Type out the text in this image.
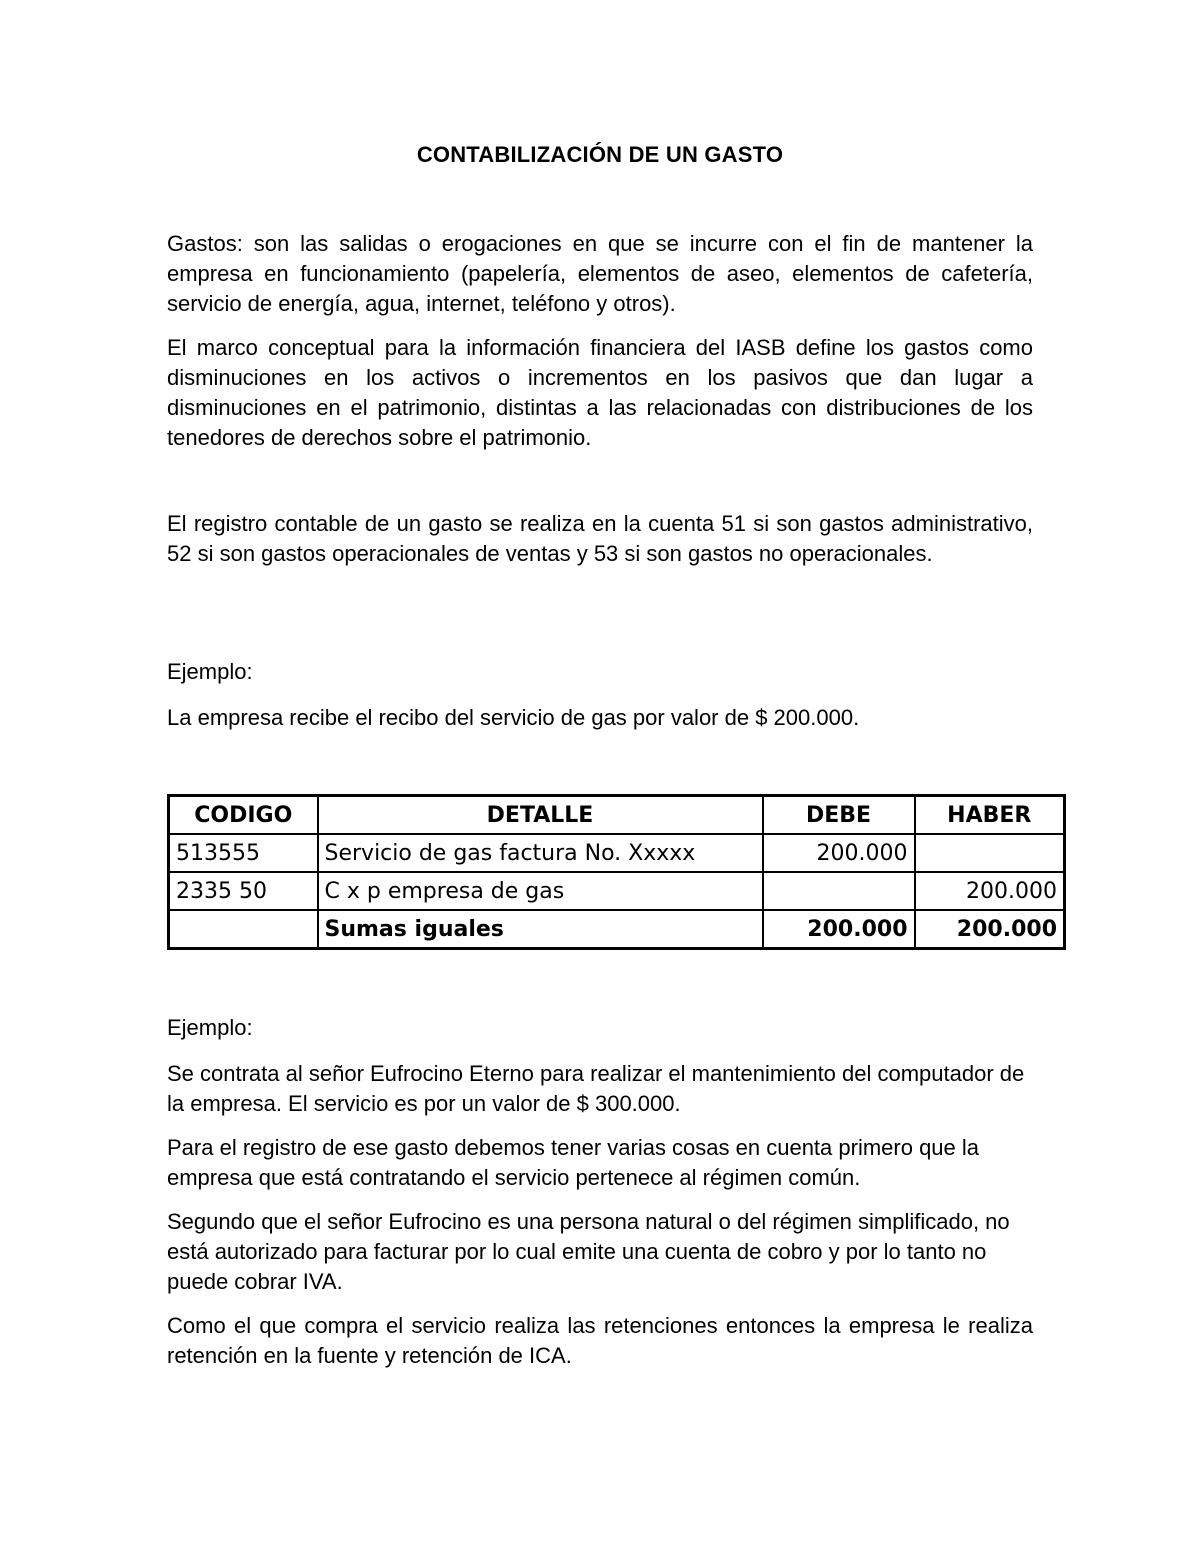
CONTABILIZACIÓN DE UN GASTO

Gastos: son las salidas o erogaciones en que se incurre con el fin de mantener la empresa en funcionamiento (papelería, elementos de aseo, elementos de cafetería, servicio de energía, agua, internet, teléfono y otros).

El marco conceptual para la información financiera del IASB define los gastos como disminuciones en los activos o incrementos en los pasivos que dan lugar a disminuciones en el patrimonio, distintas a las relacionadas con distribuciones de los tenedores de derechos sobre el patrimonio.

El registro contable de un gasto se realiza en la cuenta 51 si son gastos administrativo, 52 si son gastos operacionales de ventas y 53 si son gastos no operacionales.

Ejemplo:

La empresa recibe el recibo del servicio de gas por valor de $ 200.000.

CODIGO	DETALLE	DEBE	HABER
513555	Servicio de gas factura No. Xxxxx	200.000	
2335 50	C x p empresa de gas		200.000
	Sumas iguales	200.000	200.000

Ejemplo:

Se contrata al señor Eufrocino Eterno para realizar el mantenimiento del computador de la empresa. El servicio es por un valor de $ 300.000.

Para el registro de ese gasto debemos tener varias cosas en cuenta primero que la empresa que está contratando el servicio pertenece al régimen común.

Segundo que el señor Eufrocino es una persona natural o del régimen simplificado, no está autorizado para facturar por lo cual emite una cuenta de cobro y por lo tanto no puede cobrar IVA.

Como el que compra el servicio realiza las retenciones entonces la empresa le realiza retención en la fuente y retención de ICA.
